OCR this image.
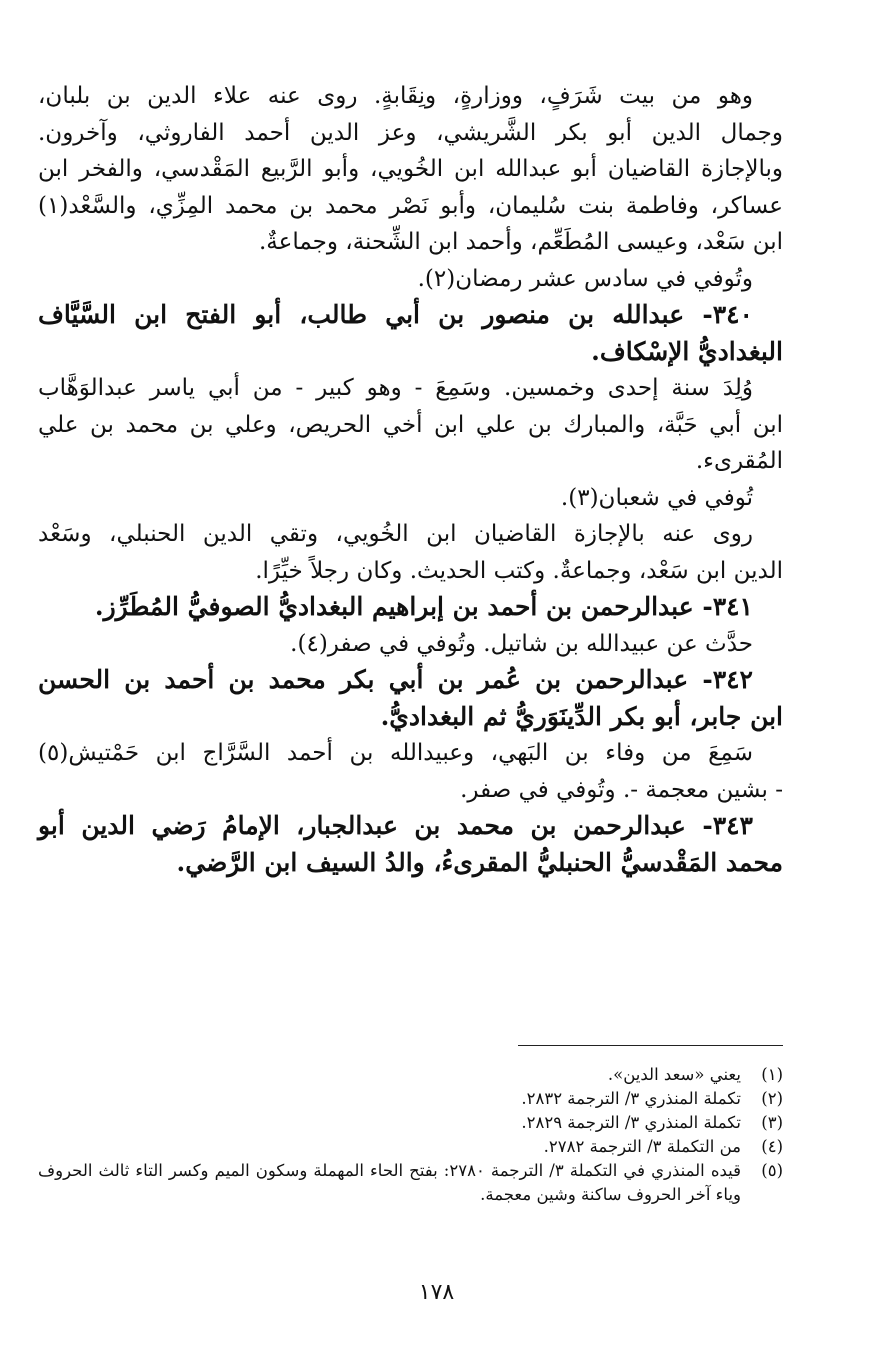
وهو من بيت شَرَفٍ، ووزارةٍ، ونِقَابةٍ. روى عنه علاء الدين بن بلبان،
وجمال الدين أبو بكر الشَّريشي، وعز الدين أحمد الفاروثي، وآخرون.
وبالإجازة القاضيان أبو عبدالله ابن الخُويي، وأبو الرَّبيع المَقْدسي، والفخر ابن
عساكر، وفاطمة بنت سُليمان، وأبو نَصْر محمد بن محمد المِزِّي، والسَّعْد(١)
ابن سَعْد، وعيسى المُطَعِّم، وأحمد ابن الشِّحنة، وجماعةٌ.
وتُوفي في سادس عشر رمضان(٢).
٣٤٠- عبدالله بن منصور بن أبي طالب، أبو الفتح ابن السَّيَّاف
البغداديُّ الإسْكاف.
وُلِدَ سنة إحدى وخمسين. وسَمِعَ - وهو كبير - من أبي ياسر عبدالوَهَّاب
ابن أبي حَبَّة، والمبارك بن علي ابن أخي الحريص، وعلي بن محمد بن علي
المُقرىء.
تُوفي في شعبان(٣).
روى عنه بالإجازة القاضيان ابن الخُويي، وتقي الدين الحنبلي، وسَعْد
الدين ابن سَعْد، وجماعةٌ. وكتب الحديث. وكان رجلاً خيِّرًا.
٣٤١- عبدالرحمن بن أحمد بن إبراهيم البغداديُّ الصوفيُّ المُطَرِّز.
حدَّث عن عبيدالله بن شاتيل. وتُوفي في صفر(٤).
٣٤٢- عبدالرحمن بن عُمر بن أبي بكر محمد بن أحمد بن الحسن
ابن جابر، أبو بكر الدِّينَوَريُّ ثم البغداديُّ.
سَمِعَ من وفاء بن البَهي، وعبيدالله بن أحمد السَّرَّاج ابن حَمْتيش(٥)
- بشين معجمة -. وتُوفي في صفر.
٣٤٣- عبدالرحمن بن محمد بن عبدالجبار، الإمامُ رَضي الدين أبو
محمد المَقْدسيُّ الحنبليُّ المقرىءُ، والدُ السيف ابن الرَّضي.
(١)
يعني «سعد الدين».
(٢)
تكملة المنذري ٣/ الترجمة ٢٨٣٢.
(٣)
تكملة المنذري ٣/ الترجمة ٢٨٢٩.
(٤)
من التكملة ٣/ الترجمة ٢٧٨٢.
(٥)
قيده المنذري في التكملة ٣/ الترجمة ٢٧٨٠: بفتح الحاء المهملة وسكون الميم وكسر التاء ثالث الحروف وياء آخر الحروف ساكنة وشين معجمة.
١٧٨
